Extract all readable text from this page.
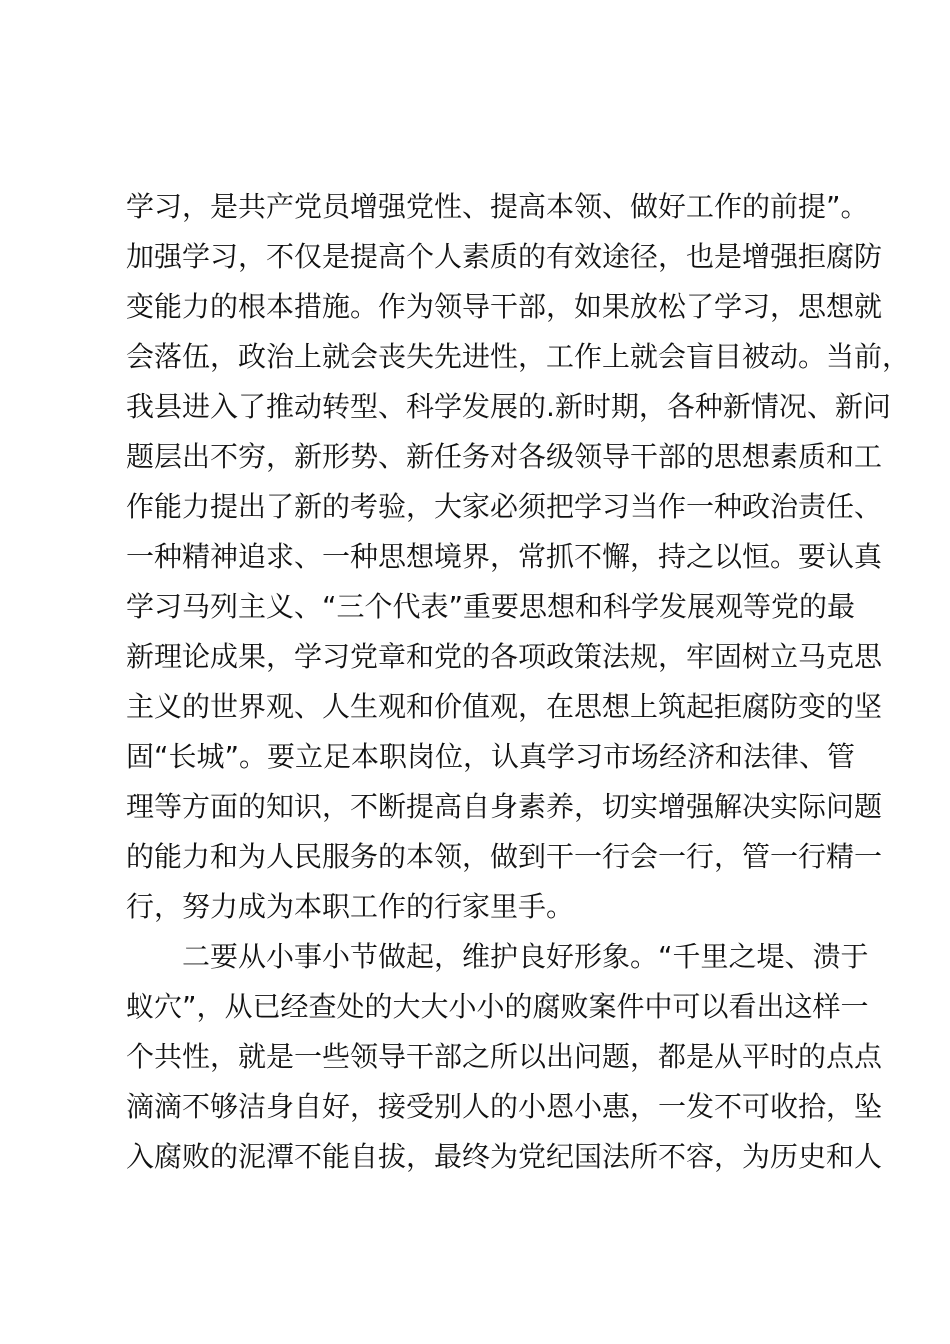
学习，是共产党员增强党性、提高本领、做好工作的前提”。
加强学习，不仅是提高个人素质的有效途径，也是增强拒腐防
变能力的根本措施。作为领导干部，如果放松了学习，思想就
会落伍，政治上就会丧失先进性，工作上就会盲目被动。当前，
我县进入了推动转型、科学发展的.新时期，各种新情况、新问
题层出不穷，新形势、新任务对各级领导干部的思想素质和工
作能力提出了新的考验，大家必须把学习当作一种政治责任、
一种精神追求、一种思想境界，常抓不懈，持之以恒。要认真
学习马列主义、“三个代表”重要思想和科学发展观等党的最
新理论成果，学习党章和党的各项政策法规，牢固树立马克思
主义的世界观、人生观和价值观，在思想上筑起拒腐防变的坚
固“长城”。要立足本职岗位，认真学习市场经济和法律、管
理等方面的知识，不断提高自身素养，切实增强解决实际问题
的能力和为人民服务的本领，做到干一行会一行，管一行精一
行，努力成为本职工作的行家里手。
二要从小事小节做起，维护良好形象。“千里之堤、溃于
蚁穴”，从已经查处的大大小小的腐败案件中可以看出这样一
个共性，就是一些领导干部之所以出问题，都是从平时的点点
滴滴不够洁身自好，接受别人的小恩小惠，一发不可收拾，坠
入腐败的泥潭不能自拔，最终为党纪国法所不容，为历史和人
